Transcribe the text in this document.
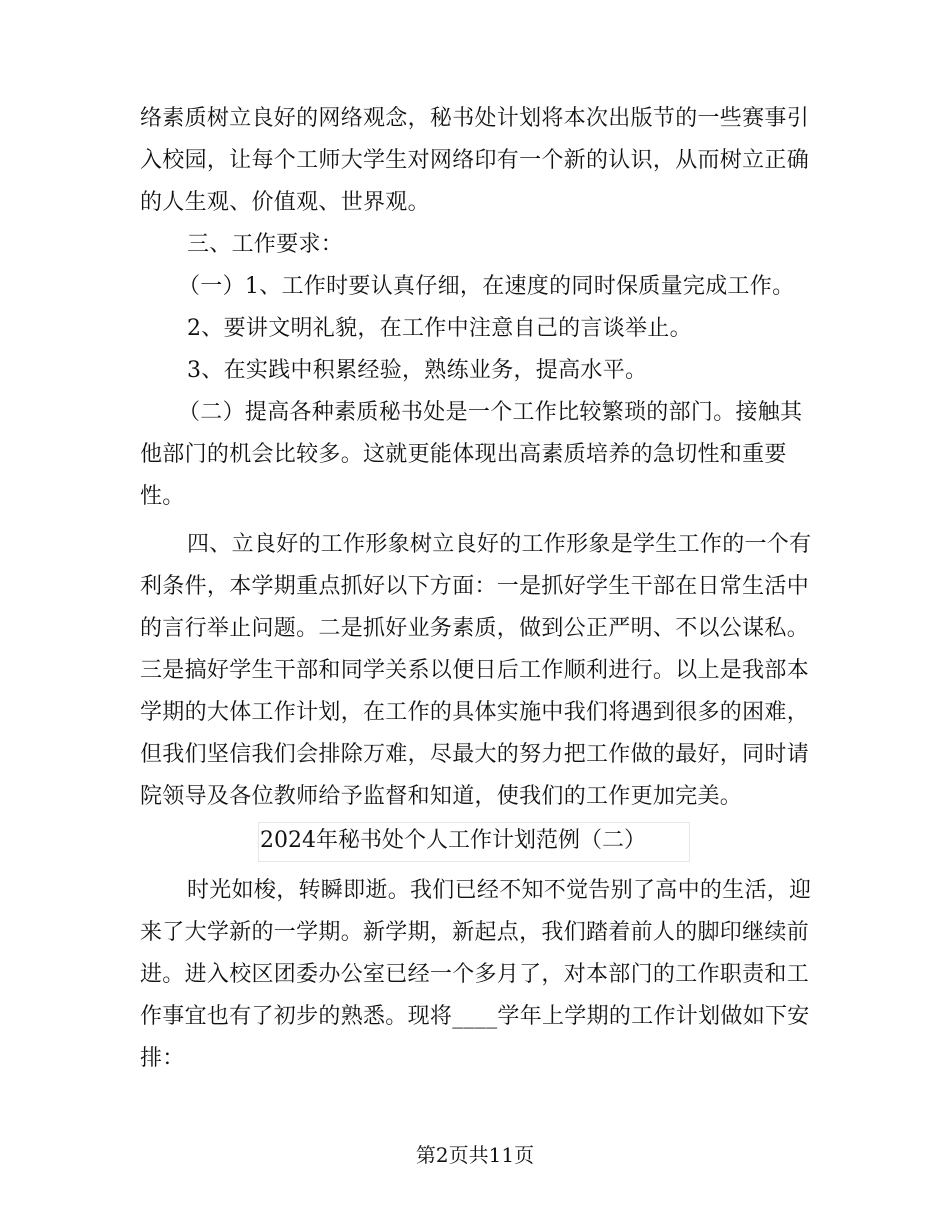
络素质树立良好的网络观念，秘书处计划将本次出版节的一些赛事引
入校园，让每个工师大学生对网络印有一个新的认识，从而树立正确
的人生观、价值观、世界观。
三、工作要求：
（一）1、工作时要认真仔细，在速度的同时保质量完成工作。
2、要讲文明礼貌，在工作中注意自己的言谈举止。
3、在实践中积累经验，熟练业务，提高水平。
（二）提高各种素质秘书处是一个工作比较繁琐的部门。接触其
他部门的机会比较多。这就更能体现出高素质培养的急切性和重要
性。
四、立良好的工作形象树立良好的工作形象是学生工作的一个有
利条件，本学期重点抓好以下方面：一是抓好学生干部在日常生活中
的言行举止问题。二是抓好业务素质，做到公正严明、不以公谋私。
三是搞好学生干部和同学关系以便日后工作顺利进行。以上是我部本
学期的大体工作计划，在工作的具体实施中我们将遇到很多的困难，
但我们坚信我们会排除万难，尽最大的努力把工作做的最好，同时请
院领导及各位教师给予监督和知道，使我们的工作更加完美。
2024年秘书处个人工作计划范例（二）
时光如梭，转瞬即逝。我们已经不知不觉告别了高中的生活，迎
来了大学新的一学期。新学期，新起点，我们踏着前人的脚印继续前
进。进入校区团委办公室已经一个多月了，对本部门的工作职责和工
作事宜也有了初步的熟悉。现将____学年上学期的工作计划做如下安
排：
第2页共11页
